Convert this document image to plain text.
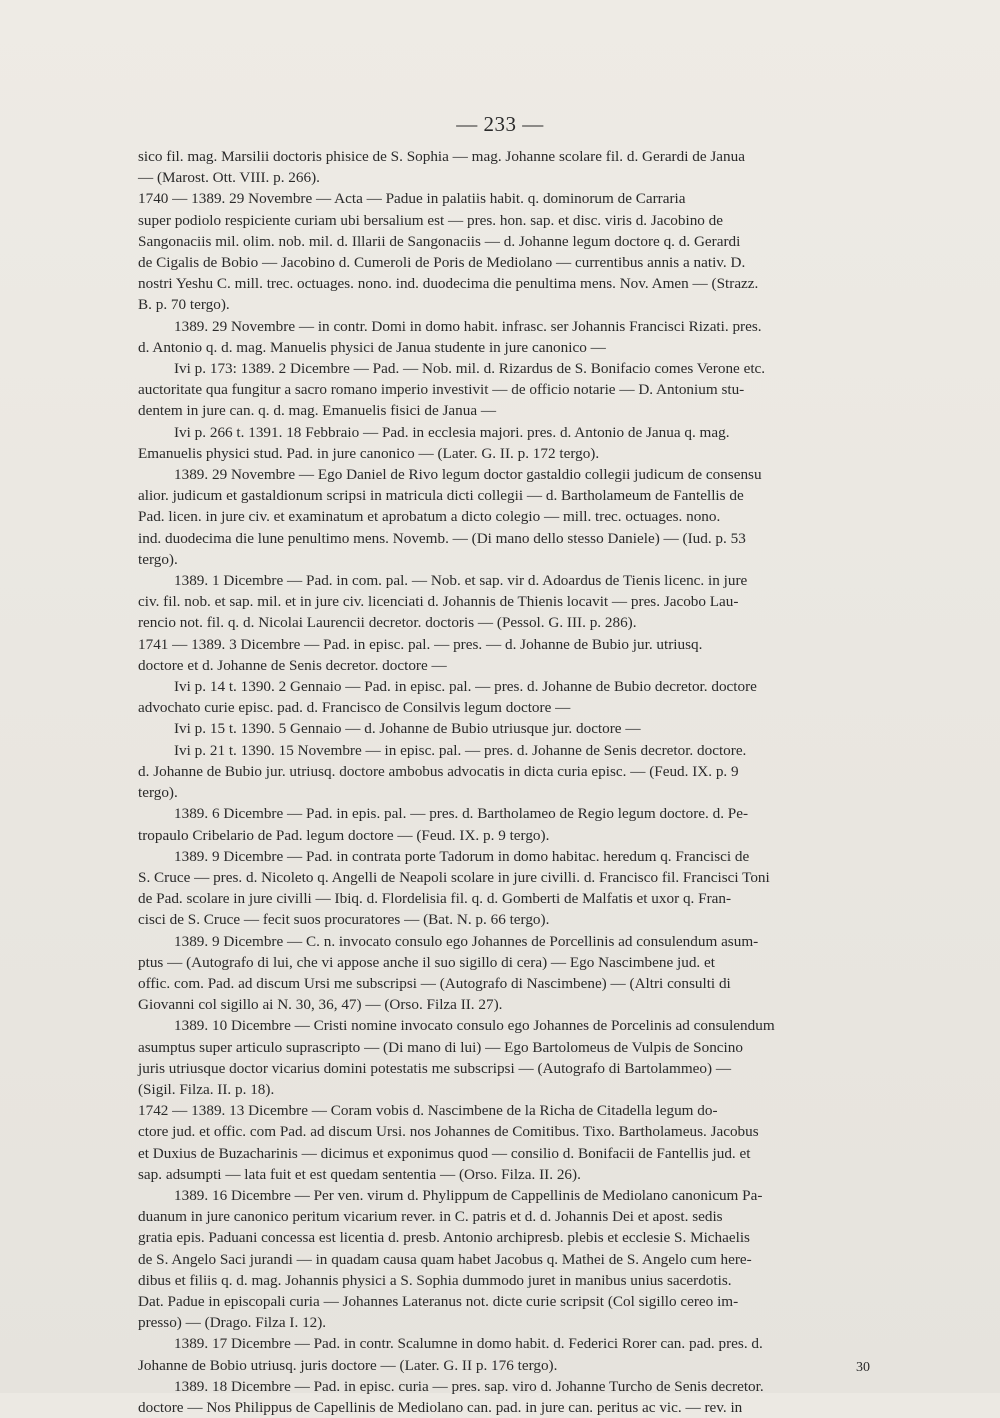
— 233 —

sico fil. mag. Marsilii doctoris phisice de S. Sophia — mag. Johanne scolare fil. d. Gerardi de Janua

— (Marost. Ott. VIII. p. 266).

1740 — 1389. 29 Novembre — Acta — Padue in palatiis habit. q. dominorum de Carraria

super podiolo respiciente curiam ubi bersalium est — pres. hon. sap. et disc. viris d. Jacobino de

Sangonaciis mil. olim. nob. mil. d. Illarii de Sangonaciis — d. Johanne legum doctore q. d. Gerardi

de Cigalis de Bobio — Jacobino d. Cumeroli de Poris de Mediolano — currentibus annis a nativ. D.

nostri Yeshu C. mill. trec. octuages. nono. ind. duodecima die penultima mens. Nov. Amen — (Strazz.

B. p. 70 tergo).

1389. 29 Novembre — in contr. Domi in domo habit. infrasc. ser Johannis Francisci Rizati. pres.

d. Antonio q. d. mag. Manuelis physici de Janua studente in jure canonico —

Ivi p. 173: 1389. 2 Dicembre — Pad. — Nob. mil. d. Rizardus de S. Bonifacio comes Verone etc.

auctoritate qua fungitur a sacro romano imperio investivit — de officio notarie — D. Antonium stu-

dentem in jure can. q. d. mag. Emanuelis fisici de Janua —

Ivi p. 266 t. 1391. 18 Febbraio — Pad. in ecclesia majori. pres. d. Antonio de Janua q. mag.

Emanuelis physici stud. Pad. in jure canonico — (Later. G. II. p. 172 tergo).

1389. 29 Novembre — Ego Daniel de Rivo legum doctor gastaldio collegii judicum de consensu

alior. judicum et gastaldionum scripsi in matricula dicti collegii — d. Bartholameum de Fantellis de

Pad. licen. in jure civ. et examinatum et aprobatum a dicto colegio — mill. trec. octuages. nono.

ind. duodecima die lune penultimo mens. Novemb. — (Di mano dello stesso Daniele) — (Iud. p. 53

tergo).

1389. 1 Dicembre — Pad. in com. pal. — Nob. et sap. vir d. Adoardus de Tienis licenc. in jure

civ. fil. nob. et sap. mil. et in jure civ. licenciati d. Johannis de Thienis locavit — pres. Jacobo Lau-

rencio not. fil. q. d. Nicolai Laurencii decretor. doctoris — (Pessol. G. III. p. 286).

1741 — 1389. 3 Dicembre — Pad. in episc. pal. — pres. — d. Johanne de Bubio jur. utriusq.

doctore et d. Johanne de Senis decretor. doctore —

Ivi p. 14 t. 1390. 2 Gennaio — Pad. in episc. pal. — pres. d. Johanne de Bubio decretor. doctore

advochato curie episc. pad. d. Francisco de Consilvis legum doctore —

Ivi p. 15 t. 1390. 5 Gennaio — d. Johanne de Bubio utriusque jur. doctore —

Ivi p. 21 t. 1390. 15 Novembre — in episc. pal. — pres. d. Johanne de Senis decretor. doctore.

d. Johanne de Bubio jur. utriusq. doctore ambobus advocatis in dicta curia episc. — (Feud. IX. p. 9

tergo).

1389. 6 Dicembre — Pad. in epis. pal. — pres. d. Bartholameo de Regio legum doctore. d. Pe-

tropaulo Cribelario de Pad. legum doctore — (Feud. IX. p. 9 tergo).

1389. 9 Dicembre — Pad. in contrata porte Tadorum in domo habitac. heredum q. Francisci de

S. Cruce — pres. d. Nicoleto q. Angelli de Neapoli scolare in jure civilli. d. Francisco fil. Francisci Toni

de Pad. scolare in jure civilli — Ibiq. d. Flordelisia fil. q. d. Gomberti de Malfatis et uxor q. Fran-

cisci de S. Cruce — fecit suos procuratores — (Bat. N. p. 66 tergo).

1389. 9 Dicembre — C. n. invocato consulo ego Johannes de Porcellinis ad consulendum asum-

ptus — (Autografo di lui, che vi appose anche il suo sigillo di cera) — Ego Nascimbene jud. et

offic. com. Pad. ad discum Ursi me subscripsi — (Autografo di Nascimbene) — (Altri consulti di

Giovanni col sigillo ai N. 30, 36, 47) — (Orso. Filza II. 27).

1389. 10 Dicembre — Cristi nomine invocato consulo ego Johannes de Porcelinis ad consulendum

asumptus super articulo suprascripto — (Di mano di lui) — Ego Bartolomeus de Vulpis de Soncino

juris utriusque doctor vicarius domini potestatis me subscripsi — (Autografo di Bartolammeo) —

(Sigil. Filza. II. p. 18).

1742 — 1389. 13 Dicembre — Coram vobis d. Nascimbene de la Richa de Citadella legum do-

ctore jud. et offic. com Pad. ad discum Ursi. nos Johannes de Comitibus. Tixo. Bartholameus. Jacobus

et Duxius de Buzacharinis — dicimus et exponimus quod — consilio d. Bonifacii de Fantellis jud. et

sap. adsumpti — lata fuit et est quedam sententia — (Orso. Filza. II. 26).

1389. 16 Dicembre — Per ven. virum d. Phylippum de Cappellinis de Mediolano canonicum Pa-

duanum in jure canonico peritum vicarium rever. in C. patris et d. d. Johannis Dei et apost. sedis

gratia epis. Paduani concessa est licentia d. presb. Antonio archipresb. plebis et ecclesie S. Michaelis

de S. Angelo Saci jurandi — in quadam causa quam habet Jacobus q. Mathei de S. Angelo cum here-

dibus et filiis q. d. mag. Johannis physici a S. Sophia dummodo juret in manibus unius sacerdotis.

Dat. Padue in episcopali curia — Johannes Lateranus not. dicte curie scripsit (Col sigillo cereo im-

presso) — (Drago. Filza I. 12).

1389. 17 Dicembre — Pad. in contr. Scalumne in domo habit. d. Federici Rorer can. pad. pres. d.

Johanne de Bobio utriusq. juris doctore — (Later. G. II p. 176 tergo).

1389. 18 Dicembre — Pad. in episc. curia — pres. sap. viro d. Johanne Turcho de Senis decretor.

doctore — Nos Philippus de Capellinis de Mediolano can. pad. in jure can. peritus ac vic. — rev. in

30
